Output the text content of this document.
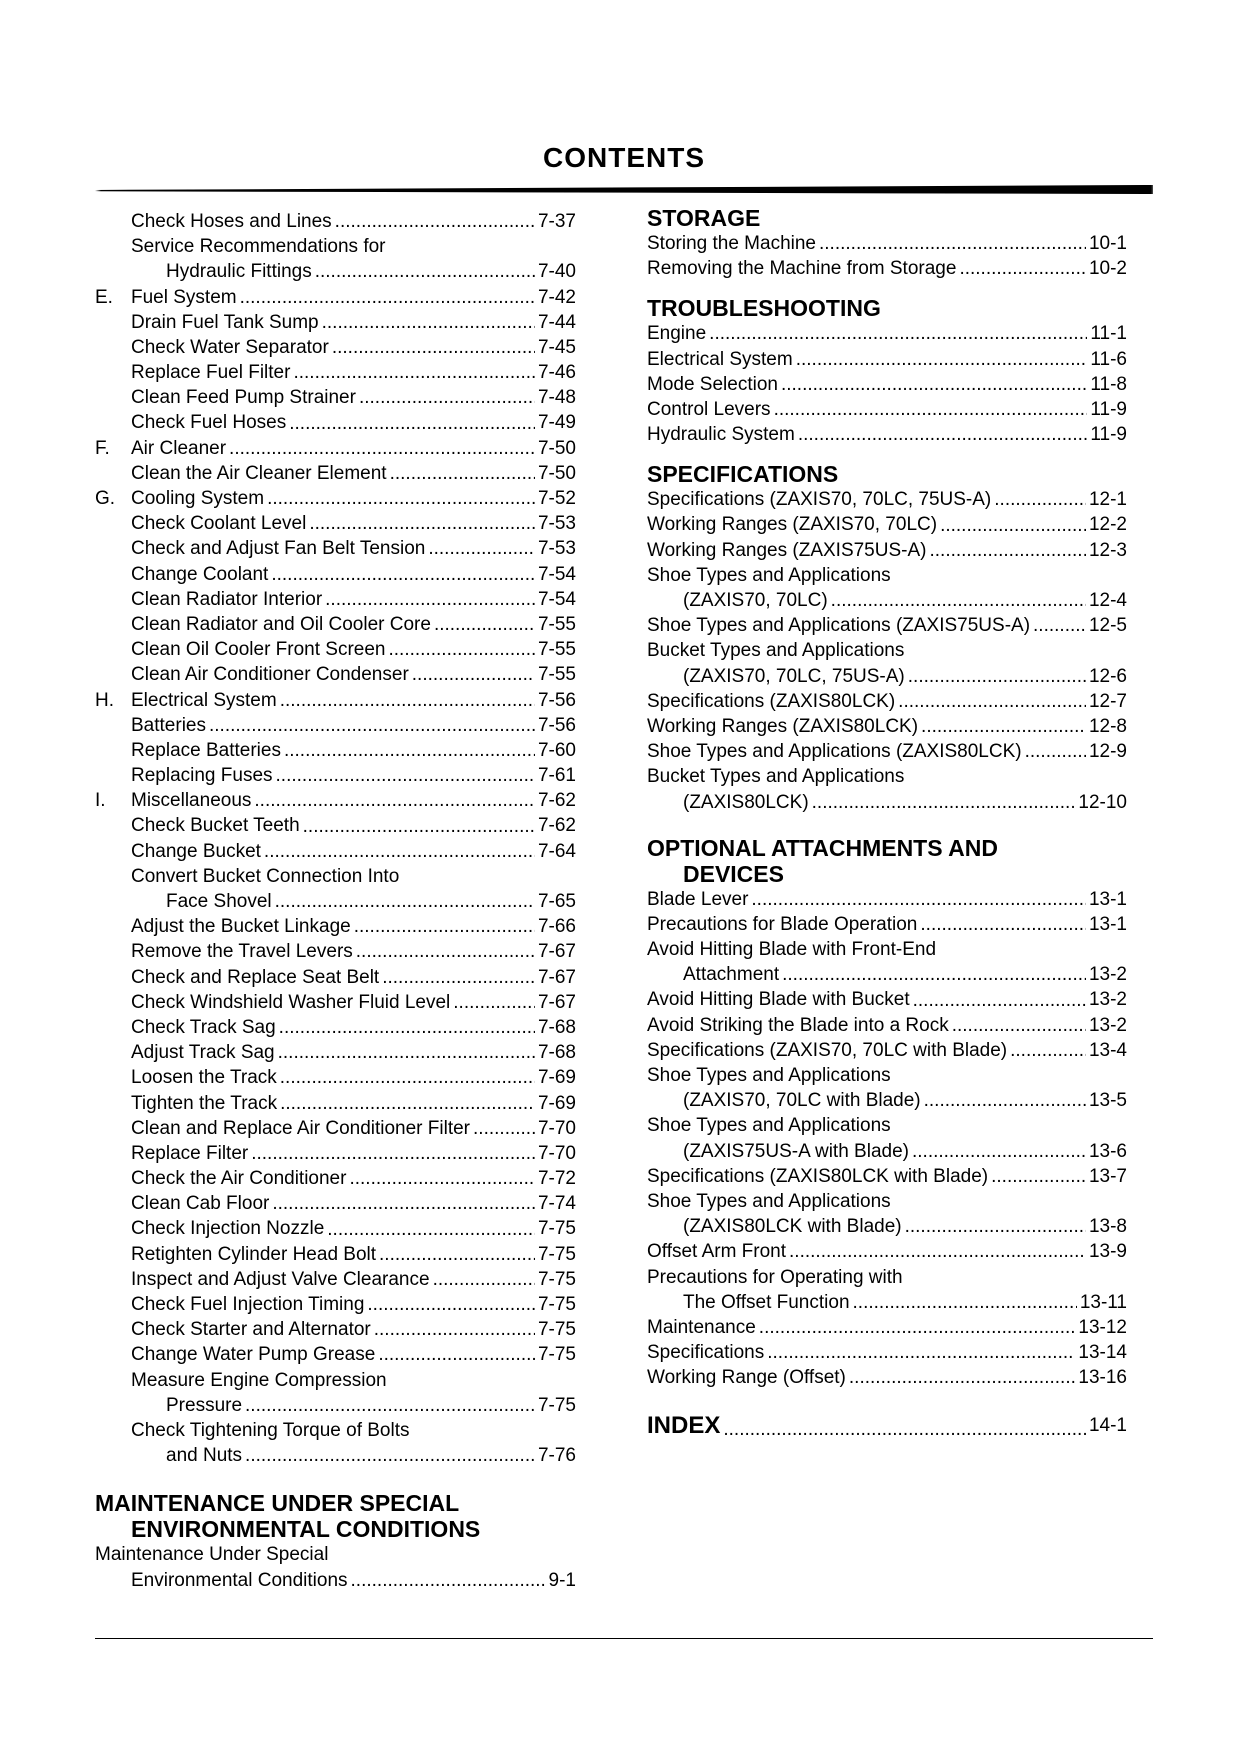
CONTENTS
Check Hoses and Lines .....	7-37
Service Recommendations for
Hydraulic Fittings .....	7-40
E. Fuel System .....	7-42
Drain Fuel Tank Sump .....	7-44
Check Water Separator .....	7-45
Replace Fuel Filter .....	7-46
Clean Feed Pump Strainer .....	7-48
Check Fuel Hoses .....	7-49
F. Air Cleaner .....	7-50
Clean the Air Cleaner Element .....	7-50
G. Cooling System .....	7-52
Check Coolant Level .....	7-53
Check and Adjust Fan Belt Tension .....	7-53
Change Coolant .....	7-54
Clean Radiator Interior .....	7-54
Clean Radiator and Oil Cooler Core .....	7-55
Clean Oil Cooler Front Screen .....	7-55
Clean Air Conditioner Condenser .....	7-55
H. Electrical System .....	7-56
Batteries .....	7-56
Replace Batteries .....	7-60
Replacing Fuses .....	7-61
I. Miscellaneous .....	7-62
Check Bucket Teeth .....	7-62
Change Bucket .....	7-64
Convert Bucket Connection Into
Face Shovel .....	7-65
Adjust the Bucket Linkage .....	7-66
Remove the Travel Levers .....	7-67
Check and Replace Seat Belt .....	7-67
Check Windshield Washer Fluid Level .....	7-67
Check Track Sag .....	7-68
Adjust Track Sag .....	7-68
Loosen the Track .....	7-69
Tighten the Track .....	7-69
Clean and Replace Air Conditioner Filter .....	7-70
Replace Filter .....	7-70
Check the Air Conditioner .....	7-72
Clean Cab Floor .....	7-74
Check Injection Nozzle .....	7-75
Retighten Cylinder Head Bolt .....	7-75
Inspect and Adjust Valve Clearance .....	7-75
Check Fuel Injection Timing .....	7-75
Check Starter and Alternator .....	7-75
Change Water Pump Grease .....	7-75
Measure Engine Compression
Pressure .....	7-75
Check Tightening Torque of Bolts
and Nuts .....	7-76
MAINTENANCE UNDER SPECIAL
ENVIRONMENTAL CONDITIONS
Maintenance Under Special
Environmental Conditions .....	9-1
STORAGE
Storing the Machine .....	10-1
Removing the Machine from Storage .....	10-2
TROUBLESHOOTING
Engine .....	11-1
Electrical System .....	11-6
Mode Selection .....	11-8
Control Levers .....	11-9
Hydraulic System .....	11-9
SPECIFICATIONS
Specifications (ZAXIS70, 70LC, 75US-A) .....	12-1
Working Ranges (ZAXIS70, 70LC) .....	12-2
Working Ranges (ZAXIS75US-A) .....	12-3
Shoe Types and Applications
(ZAXIS70, 70LC) .....	12-4
Shoe Types and Applications (ZAXIS75US-A) .....	12-5
Bucket Types and Applications
(ZAXIS70, 70LC, 75US-A) .....	12-6
Specifications (ZAXIS80LCK) .....	12-7
Working Ranges (ZAXIS80LCK) .....	12-8
Shoe Types and Applications (ZAXIS80LCK) .....	12-9
Bucket Types and Applications
(ZAXIS80LCK) .....	12-10
OPTIONAL ATTACHMENTS AND
DEVICES
Blade Lever .....	13-1
Precautions for Blade Operation .....	13-1
Avoid Hitting Blade with Front-End
Attachment .....	13-2
Avoid Hitting Blade with Bucket .....	13-2
Avoid Striking the Blade into a Rock .....	13-2
Specifications (ZAXIS70, 70LC with Blade) .....	13-4
Shoe Types and Applications
(ZAXIS70, 70LC with Blade) .....	13-5
Shoe Types and Applications
(ZAXIS75US-A with Blade) .....	13-6
Specifications (ZAXIS80LCK with Blade) .....	13-7
Shoe Types and Applications
(ZAXIS80LCK with Blade) .....	13-8
Offset Arm Front .....	13-9
Precautions for Operating with
The Offset Function .....	13-11
Maintenance .....	13-12
Specifications .....	13-14
Working Range (Offset) .....	13-16
INDEX .....	14-1
